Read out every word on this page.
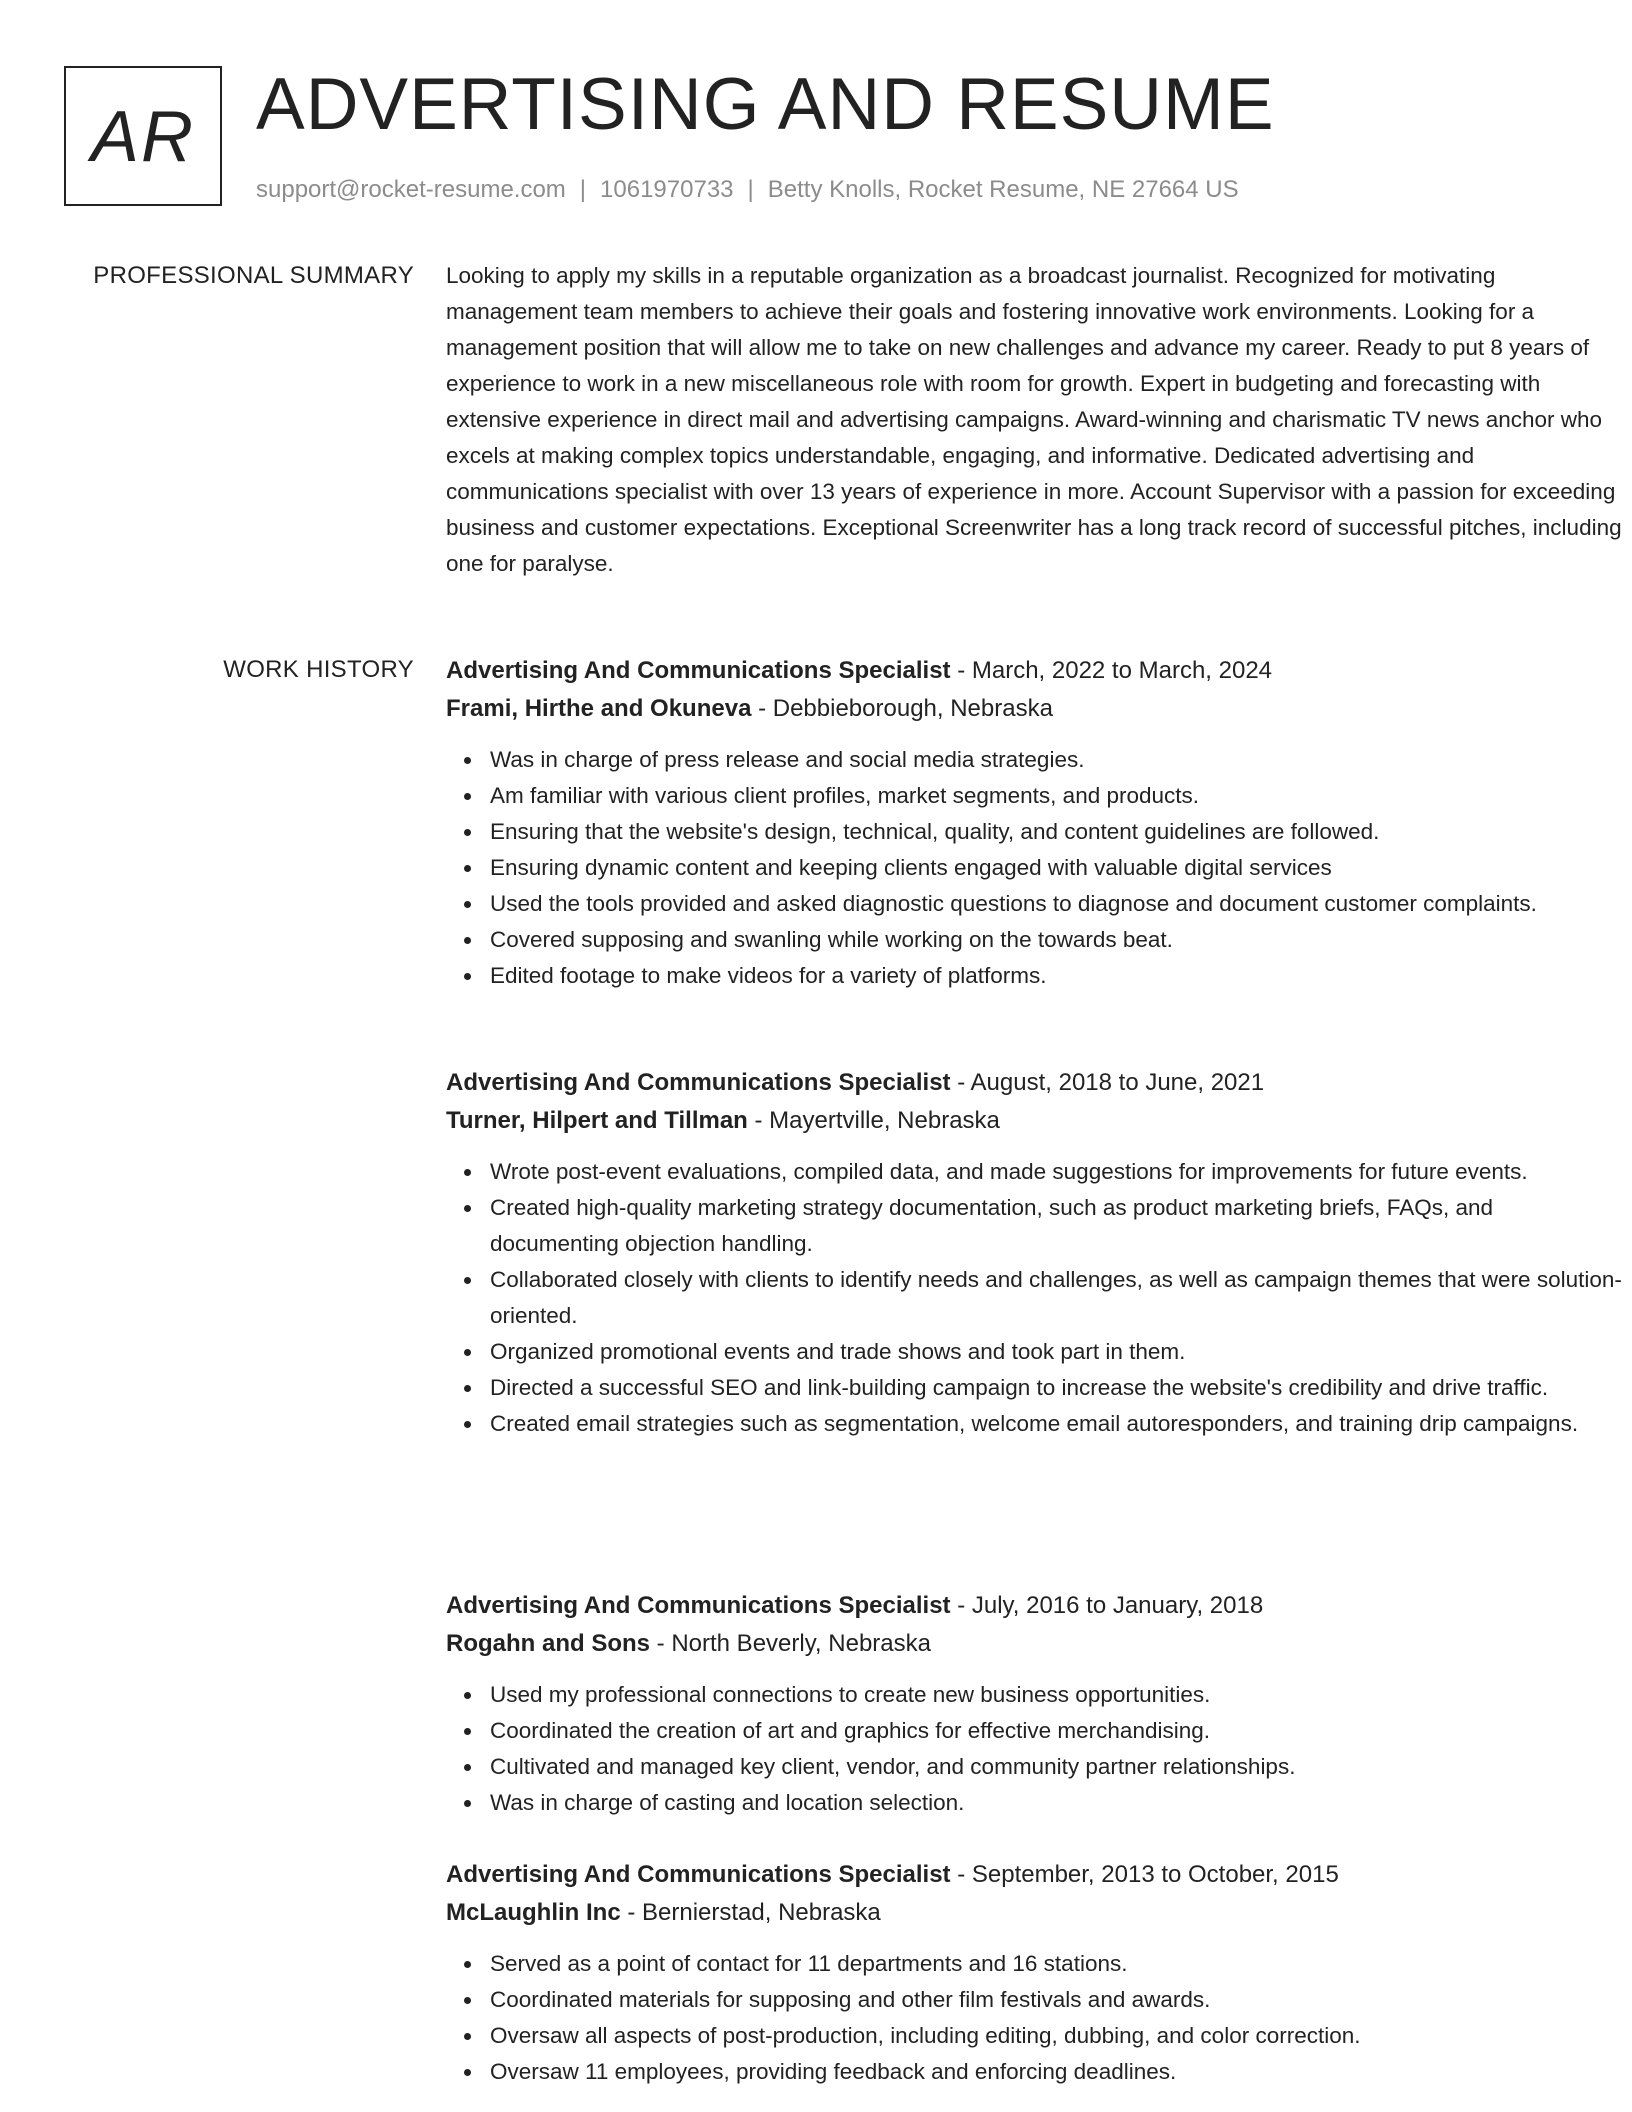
AR ADVERTISING AND RESUME
support@rocket-resume.com | 1061970733 | Betty Knolls, Rocket Resume, NE 27664 US
PROFESSIONAL SUMMARY Looking to apply my skills in a reputable organization as a broadcast journalist. Recognized for motivating management team members to achieve their goals and fostering innovative work environments. Looking for a management position that will allow me to take on new challenges and advance my career. Ready to put 8 years of experience to work in a new miscellaneous role with room for growth. Expert in budgeting and forecasting with extensive experience in direct mail and advertising campaigns. Award-winning and charismatic TV news anchor who excels at making complex topics understandable, engaging, and informative. Dedicated advertising and communications specialist with over 13 years of experience in more. Account Supervisor with a passion for exceeding business and customer expectations. Exceptional Screenwriter has a long track record of successful pitches, including one for paralyse.
WORK HISTORY Advertising And Communications Specialist - March, 2022 to March, 2024
Frami, Hirthe and Okuneva - Debbieborough, Nebraska
Was in charge of press release and social media strategies.
Am familiar with various client profiles, market segments, and products.
Ensuring that the website's design, technical, quality, and content guidelines are followed.
Ensuring dynamic content and keeping clients engaged with valuable digital services
Used the tools provided and asked diagnostic questions to diagnose and document customer complaints.
Covered supposing and swanling while working on the towards beat.
Edited footage to make videos for a variety of platforms.
Advertising And Communications Specialist - August, 2018 to June, 2021
Turner, Hilpert and Tillman - Mayertville, Nebraska
Wrote post-event evaluations, compiled data, and made suggestions for improvements for future events.
Created high-quality marketing strategy documentation, such as product marketing briefs, FAQs, and documenting objection handling.
Collaborated closely with clients to identify needs and challenges, as well as campaign themes that were solution-oriented.
Organized promotional events and trade shows and took part in them.
Directed a successful SEO and link-building campaign to increase the website's credibility and drive traffic.
Created email strategies such as segmentation, welcome email autoresponders, and training drip campaigns.
Advertising And Communications Specialist - July, 2016 to January, 2018
Rogahn and Sons - North Beverly, Nebraska
Used my professional connections to create new business opportunities.
Coordinated the creation of art and graphics for effective merchandising.
Cultivated and managed key client, vendor, and community partner relationships.
Was in charge of casting and location selection.
Advertising And Communications Specialist - September, 2013 to October, 2015
McLaughlin Inc - Bernierstad, Nebraska
Served as a point of contact for 11 departments and 16 stations.
Coordinated materials for supposing and other film festivals and awards.
Oversaw all aspects of post-production, including editing, dubbing, and color correction.
Oversaw 11 employees, providing feedback and enforcing deadlines.
